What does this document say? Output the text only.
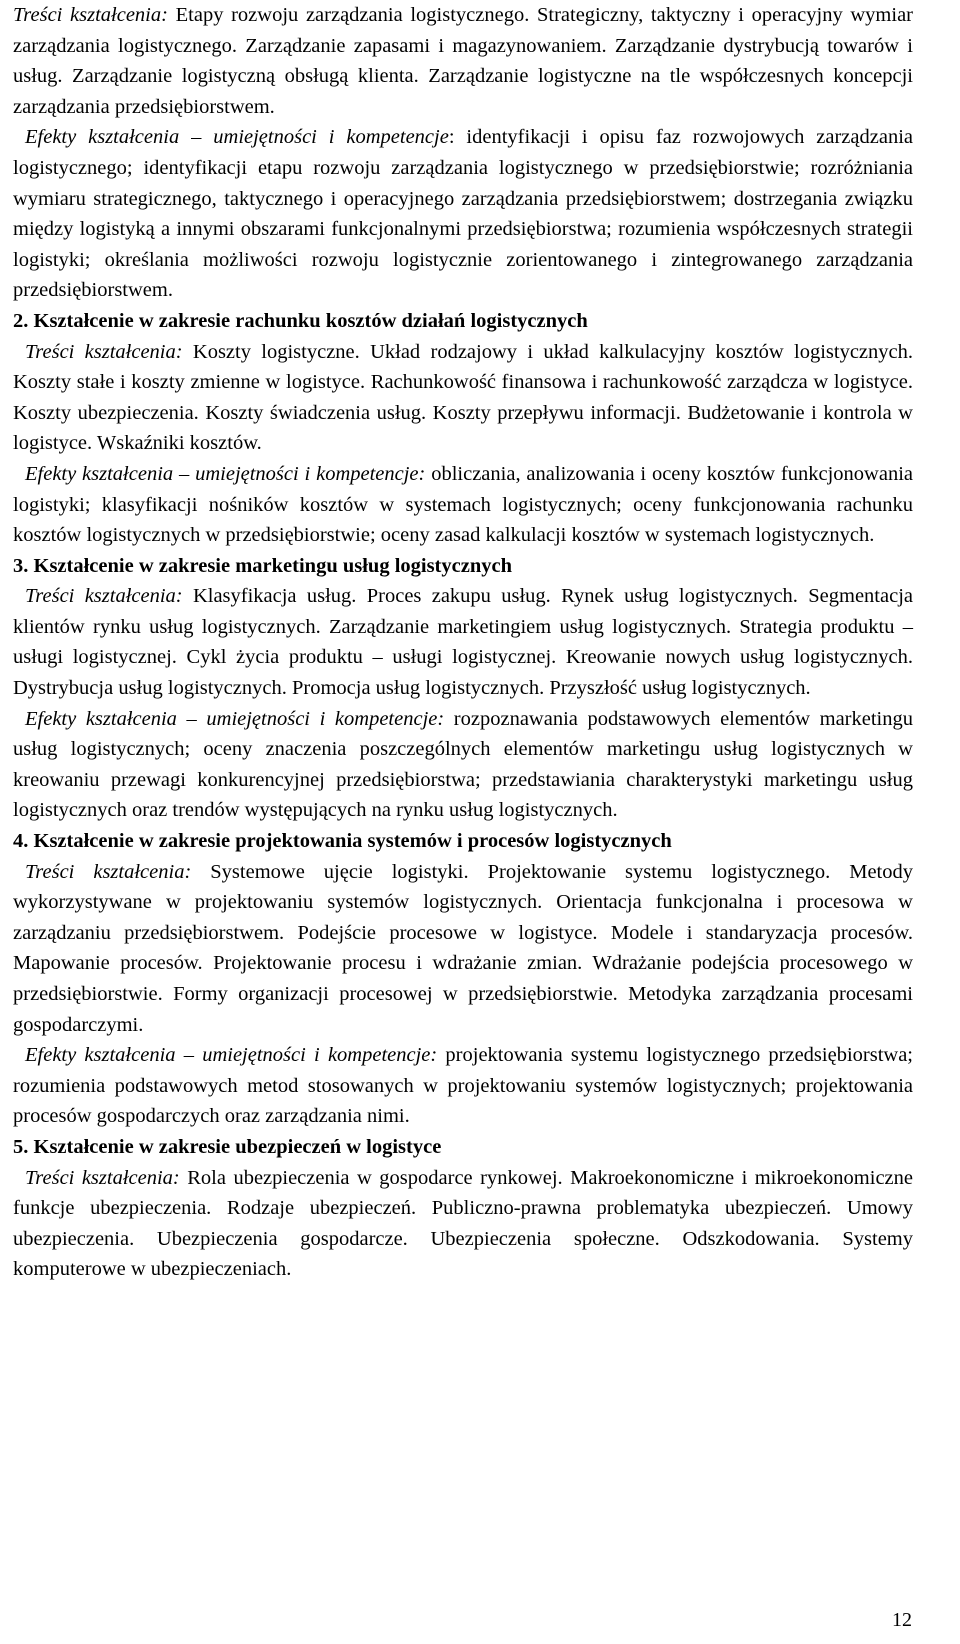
Treści kształcenia: Etapy rozwoju zarządzania logistycznego. Strategiczny, taktyczny i operacyjny wymiar zarządzania logistycznego. Zarządzanie zapasami i magazynowaniem. Zarządzanie dystrybucją towarów i usług. Zarządzanie logistyczną obsługą klienta. Zarządzanie logistyczne na tle współczesnych koncepcji zarządzania przedsiębiorstwem.

Efekty kształcenia – umiejętności i kompetencje: identyfikacji i opisu faz rozwojowych zarządzania logistycznego; identyfikacji etapu rozwoju zarządzania logistycznego w przedsiębiorstwie; rozróżniania wymiaru strategicznego, taktycznego i operacyjnego zarządzania przedsiębiorstwem; dostrzegania związku między logistyką a innymi obszarami funkcjonalnymi przedsiębiorstwa; rozumienia współczesnych strategii logistyki; określania możliwości rozwoju logistycznie zorientowanego i zintegrowanego zarządzania przedsiębiorstwem.

2. Kształcenie w zakresie rachunku kosztów działań logistycznych

Treści kształcenia: Koszty logistyczne. Układ rodzajowy i układ kalkulacyjny kosztów logistycznych. Koszty stałe i koszty zmienne w logistyce. Rachunkowość finansowa i rachunkowość zarządcza w logistyce. Koszty ubezpieczenia. Koszty świadczenia usług. Koszty przepływu informacji. Budżetowanie i kontrola w logistyce. Wskaźniki kosztów.

Efekty kształcenia – umiejętności i kompetencje: obliczania, analizowania i oceny kosztów funkcjonowania logistyki; klasyfikacji nośników kosztów w systemach logistycznych; oceny funkcjonowania rachunku kosztów logistycznych w przedsiębiorstwie; oceny zasad kalkulacji kosztów w systemach logistycznych.

3. Kształcenie w zakresie marketingu usług logistycznych

Treści kształcenia: Klasyfikacja usług. Proces zakupu usług. Rynek usług logistycznych. Segmentacja klientów rynku usług logistycznych. Zarządzanie marketingiem usług logistycznych. Strategia produktu – usługi logistycznej. Cykl życia produktu – usługi logistycznej. Kreowanie nowych usług logistycznych. Dystrybucja usług logistycznych. Promocja usług logistycznych. Przyszłość usług logistycznych.

Efekty kształcenia – umiejętności i kompetencje: rozpoznawania podstawowych elementów marketingu usług logistycznych; oceny znaczenia poszczególnych elementów marketingu usług logistycznych w kreowaniu przewagi konkurencyjnej przedsiębiorstwa; przedstawiania charakterystyki marketingu usług logistycznych oraz trendów występujących na rynku usług logistycznych.

4. Kształcenie w zakresie projektowania systemów i procesów logistycznych

Treści kształcenia: Systemowe ujęcie logistyki. Projektowanie systemu logistycznego. Metody wykorzystywane w projektowaniu systemów logistycznych. Orientacja funkcjonalna i procesowa w zarządzaniu przedsiębiorstwem. Podejście procesowe w logistyce. Modele i standaryzacja procesów. Mapowanie procesów. Projektowanie procesu i wdrażanie zmian. Wdrażanie podejścia procesowego w przedsiębiorstwie. Formy organizacji procesowej w przedsiębiorstwie. Metodyka zarządzania procesami gospodarczymi.

Efekty kształcenia – umiejętności i kompetencje: projektowania systemu logistycznego przedsiębiorstwa; rozumienia podstawowych metod stosowanych w projektowaniu systemów logistycznych; projektowania procesów gospodarczych oraz zarządzania nimi.

5. Kształcenie w zakresie ubezpieczeń w logistyce

Treści kształcenia: Rola ubezpieczenia w gospodarce rynkowej. Makroekonomiczne i mikroekonomiczne funkcje ubezpieczenia. Rodzaje ubezpieczeń. Publiczno-prawna problematyka ubezpieczeń. Umowy ubezpieczenia. Ubezpieczenia gospodarcze. Ubezpieczenia społeczne. Odszkodowania. Systemy komputerowe w ubezpieczeniach.

12
